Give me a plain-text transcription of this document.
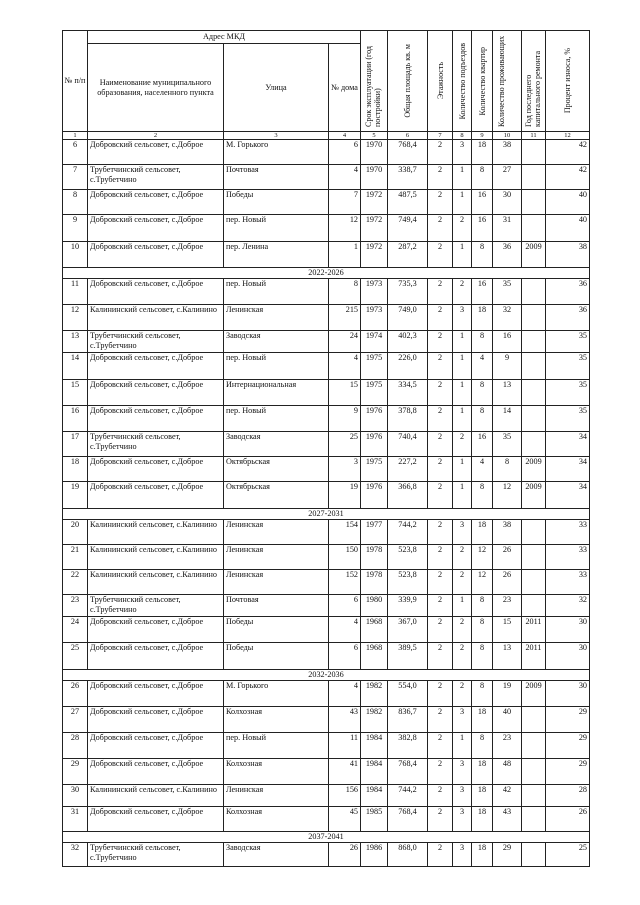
№ п/п	Адрес МКД			Срок эксплуатации (год постройки)	Общая площадь кв. м	Этажность	Количество подъездов	Количество квартир	Количество проживающих	Год последнего капитального ремонта	Процент износа, %

	Наименование муниципального образования, населенного пункта	Улица	№ дома								
1	2	3	4	5	6	7	8	9	10	11	12
6	Добровский сельсовет, с.Доброе	М. Горького	6	1970	768,4	2	3	18	38		42
7	Трубетчинский сельсовет, с.Трубетчино	Почтовая	4	1970	338,7	2	1	8	27		42
8	Добровский сельсовет, с.Доброе	Победы	7	1972	487,5	2	1	16	30		40
9	Добровский сельсовет, с.Доброе	пер. Новый	12	1972	749,4	2	2	16	31		40
10	Добровский сельсовет, с.Доброе	пер. Ленина	1	1972	287,2	2	1	8	36	2009	38
2022-2026											
11	Добровский сельсовет, с.Доброе	пер. Новый	8	1973	735,3	2	2	16	35		36
12	Калининский сельсовет, с.Калинино	Ленинская	215	1973	749,0	2	3	18	32		36
13	Трубетчинский сельсовет, с.Трубетчино	Заводская	24	1974	402,3	2	1	8	16		35
14	Добровский сельсовет, с.Доброе	пер. Новый	4	1975	226,0	2	1	4	9		35
15	Добровский сельсовет, с.Доброе	Интернациональная	15	1975	334,5	2	1	8	13		35
16	Добровский сельсовет, с.Доброе	пер. Новый	9	1976	378,8	2	1	8	14		35
17	Трубетчинский сельсовет, с.Трубетчино	Заводская	25	1976	740,4	2	2	16	35		34
18	Добровский сельсовет, с.Доброе	Октябрьская	3	1975	227,2	2	1	4	8	2009	34
19	Добровский сельсовет, с.Доброе	Октябрьская	19	1976	366,8	2	1	8	12	2009	34
2027-2031											
20	Калининский сельсовет, с.Калинино	Ленинская	154	1977	744,2	2	3	18	38		33
21	Калининский сельсовет, с.Калинино	Ленинская	150	1978	523,8	2	2	12	26		33
22	Калининский сельсовет, с.Калинино	Ленинская	152	1978	523,8	2	2	12	26		33
23	Трубетчинский сельсовет, с.Трубетчино	Почтовая	6	1980	339,9	2	1	8	23		32
24	Добровский сельсовет, с.Доброе	Победы	4	1968	367,0	2	2	8	15	2011	30
25	Добровский сельсовет, с.Доброе	Победы	6	1968	389,5	2	2	8	13	2011	30
2032-2036											
26	Добровский сельсовет, с.Доброе	М. Горького	4	1982	554,0	2	2	8	19	2009	30
27	Добровский сельсовет, с.Доброе	Колхозная	43	1982	836,7	2	3	18	40		29
28	Добровский сельсовет, с.Доброе	пер. Новый	11	1984	382,8	2	1	8	23		29
29	Добровский сельсовет, с.Доброе	Колхозная	41	1984	768,4	2	3	18	48		29
30	Калининский сельсовет, с.Калинино	Ленинская	156	1984	744,2	2	3	18	42		28
31	Добровский сельсовет, с.Доброе	Колхозная	45	1985	768,4	2	3	18	43		26
2037-2041											
32	Трубетчинский сельсовет, с.Трубетчино	Заводская	26	1986	868,0	2	3	18	29		25
